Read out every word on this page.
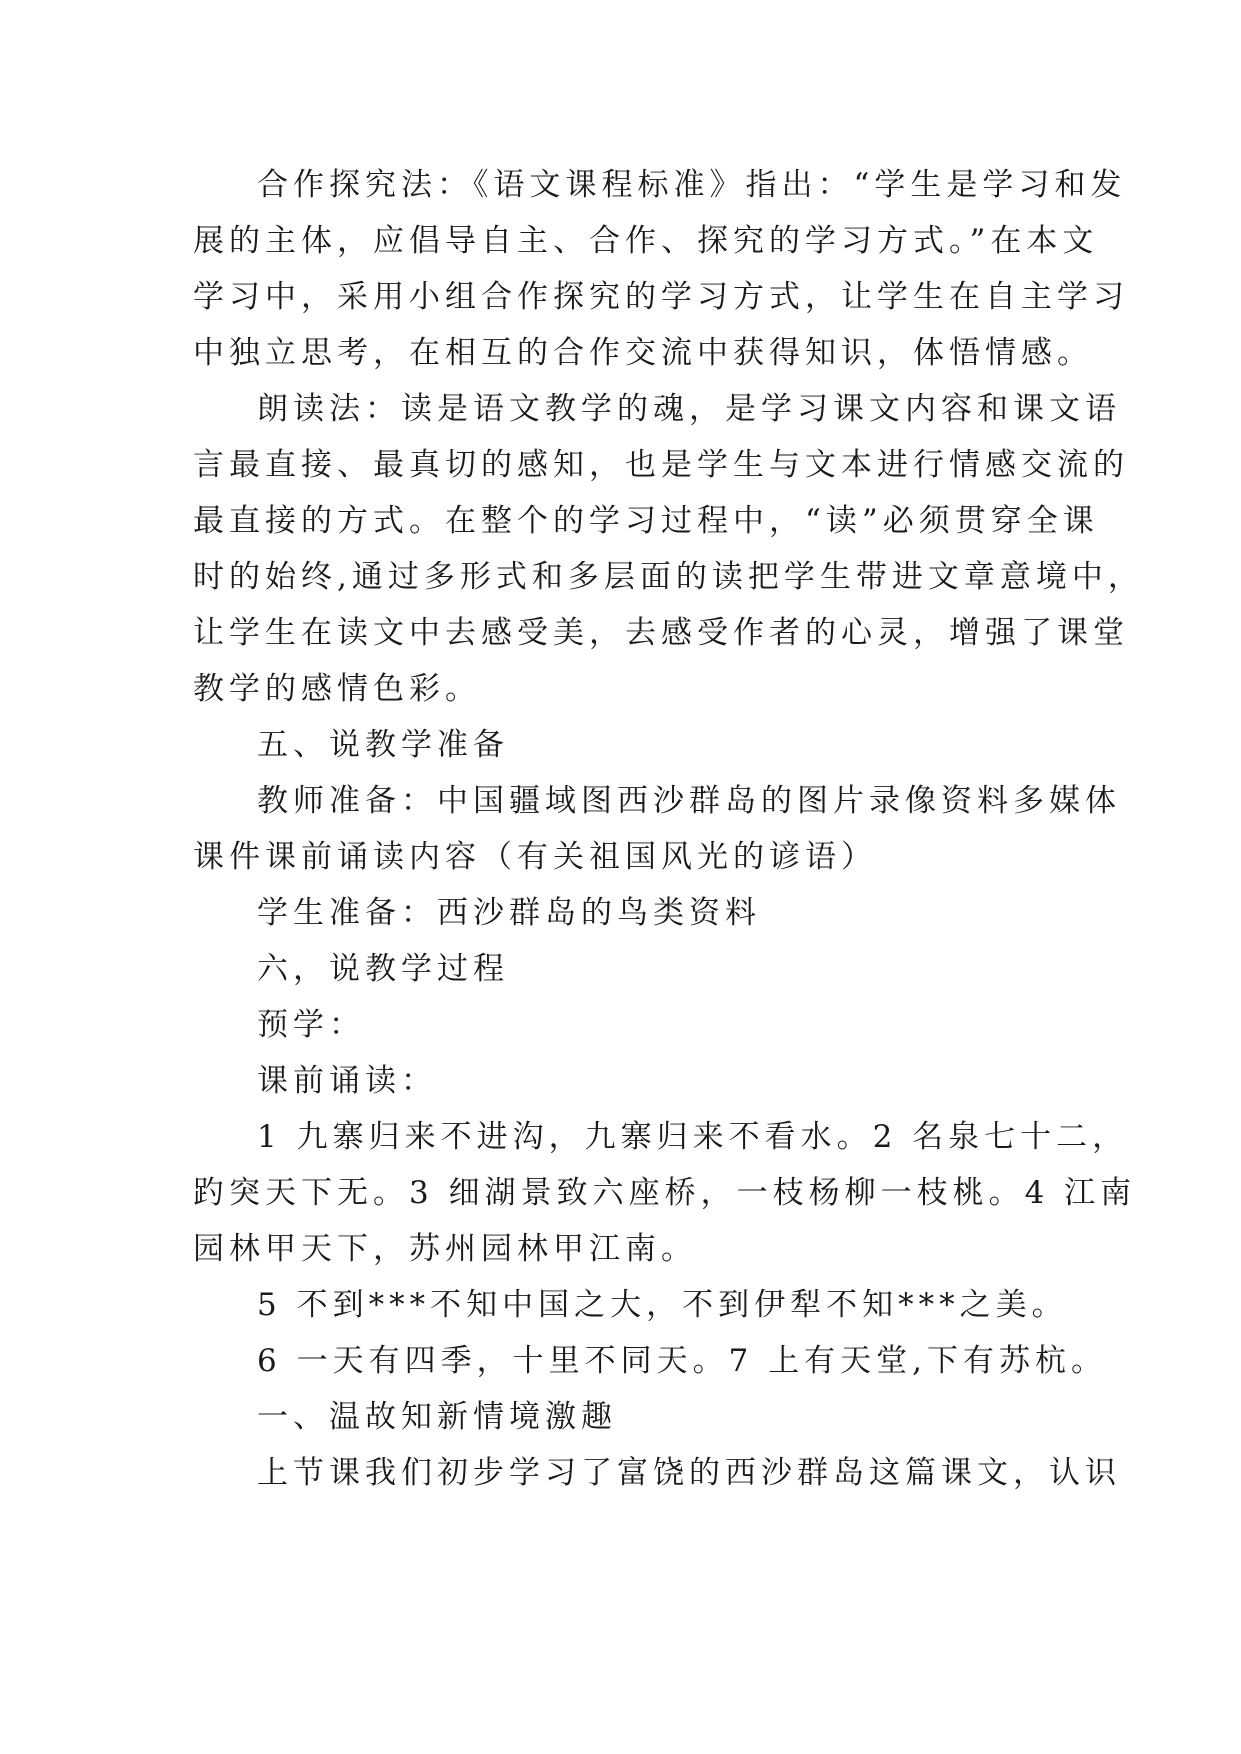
合作探究法：《语文课程标准》指出：“学生是学习和发
展的主体，应倡导自主、合作、探究的学习方式。”在本文
学习中，采用小组合作探究的学习方式，让学生在自主学习
中独立思考，在相互的合作交流中获得知识，体悟情感。
朗读法：读是语文教学的魂，是学习课文内容和课文语
言最直接、最真切的感知，也是学生与文本进行情感交流的
最直接的方式。在整个的学习过程中，“读”必须贯穿全课
时的始终,通过多形式和多层面的读把学生带进文章意境中，
让学生在读文中去感受美，去感受作者的心灵，增强了课堂
教学的感情色彩。
五、说教学准备
教师准备：中国疆域图西沙群岛的图片录像资料多媒体
课件课前诵读内容（有关祖国风光的谚语）
学生准备：西沙群岛的鸟类资料
六，说教学过程
预学：
课前诵读：
1 九寨归来不进沟，九寨归来不看水。2 名泉七十二，
趵突天下无。3 细湖景致六座桥，一枝杨柳一枝桃。4 江南
园林甲天下，苏州园林甲江南。
5 不到***不知中国之大，不到伊犁不知***之美。
6 一天有四季，十里不同天。7 上有天堂,下有苏杭。
一、温故知新情境激趣
上节课我们初步学习了富饶的西沙群岛这篇课文，认识
